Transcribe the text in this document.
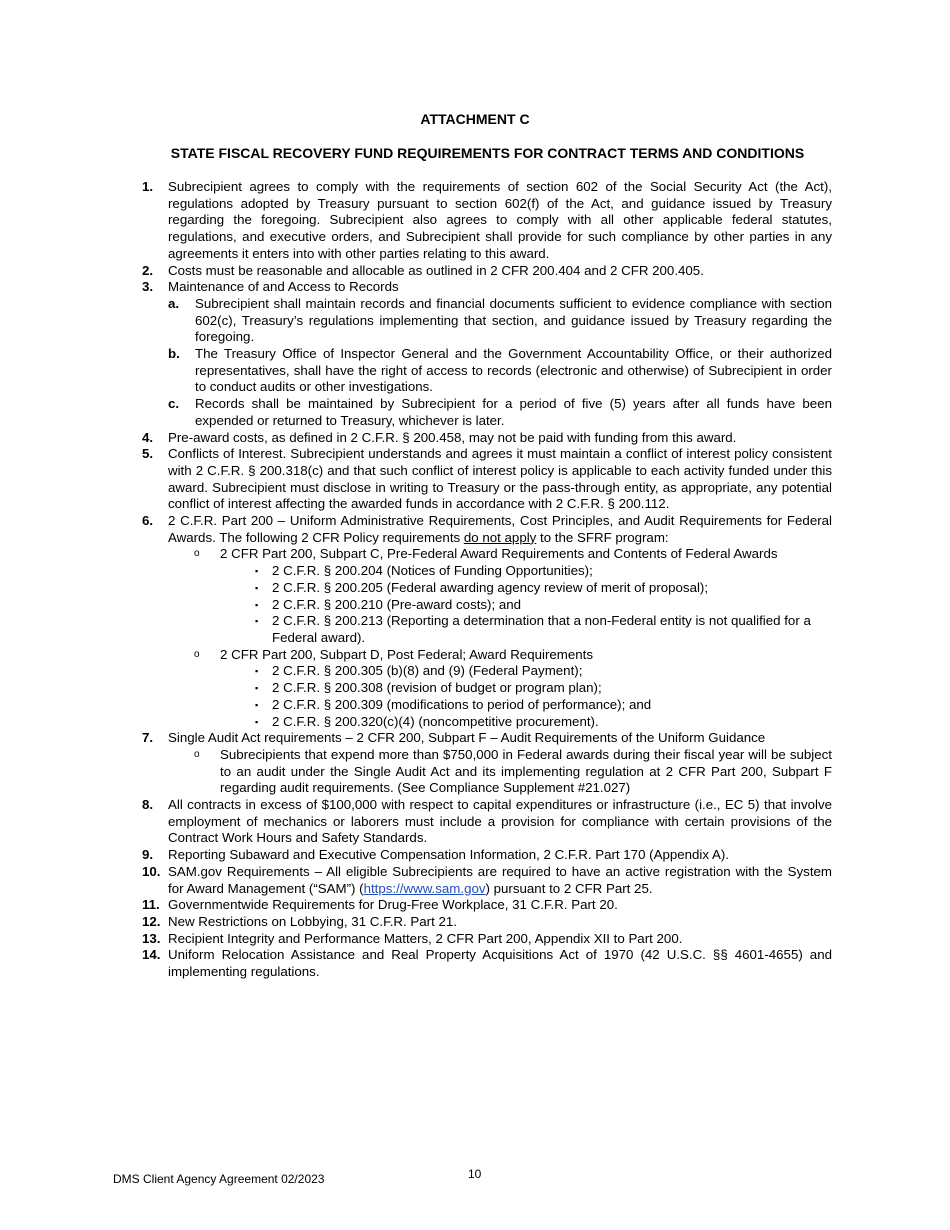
ATTACHMENT C
STATE FISCAL RECOVERY FUND REQUIREMENTS FOR CONTRACT TERMS AND CONDITIONS
1. Subrecipient agrees to comply with the requirements of section 602 of the Social Security Act (the Act), regulations adopted by Treasury pursuant to section 602(f) of the Act, and guidance issued by Treasury regarding the foregoing. Subrecipient also agrees to comply with all other applicable federal statutes, regulations, and executive orders, and Subrecipient shall provide for such compliance by other parties in any agreements it enters into with other parties relating to this award.
2. Costs must be reasonable and allocable as outlined in 2 CFR 200.404 and 2 CFR 200.405.
3. Maintenance of and Access to Records
a. Subrecipient shall maintain records and financial documents sufficient to evidence compliance with section 602(c), Treasury’s regulations implementing that section, and guidance issued by Treasury regarding the foregoing.
b. The Treasury Office of Inspector General and the Government Accountability Office, or their authorized representatives, shall have the right of access to records (electronic and otherwise) of Subrecipient in order to conduct audits or other investigations.
c. Records shall be maintained by Subrecipient for a period of five (5) years after all funds have been expended or returned to Treasury, whichever is later.
4. Pre-award costs, as defined in 2 C.F.R. § 200.458, may not be paid with funding from this award.
5. Conflicts of Interest. Subrecipient understands and agrees it must maintain a conflict of interest policy consistent with 2 C.F.R. § 200.318(c) and that such conflict of interest policy is applicable to each activity funded under this award. Subrecipient must disclose in writing to Treasury or the pass-through entity, as appropriate, any potential conflict of interest affecting the awarded funds in accordance with 2 C.F.R. § 200.112.
6. 2 C.F.R. Part 200 – Uniform Administrative Requirements, Cost Principles, and Audit Requirements for Federal Awards. The following 2 CFR Policy requirements do not apply to the SFRF program:
o 2 CFR Part 200, Subpart C, Pre-Federal Award Requirements and Contents of Federal Awards
▪ 2 C.F.R. § 200.204 (Notices of Funding Opportunities);
▪ 2 C.F.R. § 200.205 (Federal awarding agency review of merit of proposal);
▪ 2 C.F.R. § 200.210 (Pre-award costs); and
▪ 2 C.F.R. § 200.213 (Reporting a determination that a non-Federal entity is not qualified for a Federal award).
o 2 CFR Part 200, Subpart D, Post Federal; Award Requirements
▪ 2 C.F.R. § 200.305 (b)(8) and (9) (Federal Payment);
▪ 2 C.F.R. § 200.308 (revision of budget or program plan);
▪ 2 C.F.R. § 200.309 (modifications to period of performance); and
▪ 2 C.F.R. § 200.320(c)(4) (noncompetitive procurement).
7. Single Audit Act requirements – 2 CFR 200, Subpart F – Audit Requirements of the Uniform Guidance
o Subrecipients that expend more than $750,000 in Federal awards during their fiscal year will be subject to an audit under the Single Audit Act and its implementing regulation at 2 CFR Part 200, Subpart F regarding audit requirements. (See Compliance Supplement #21.027)
8. All contracts in excess of $100,000 with respect to capital expenditures or infrastructure (i.e., EC 5) that involve employment of mechanics or laborers must include a provision for compliance with certain provisions of the Contract Work Hours and Safety Standards.
9. Reporting Subaward and Executive Compensation Information, 2 C.F.R. Part 170 (Appendix A).
10. SAM.gov Requirements – All eligible Subrecipients are required to have an active registration with the System for Award Management (“SAM”) (https://www.sam.gov) pursuant to 2 CFR Part 25.
11. Governmentwide Requirements for Drug-Free Workplace, 31 C.F.R. Part 20.
12. New Restrictions on Lobbying, 31 C.F.R. Part 21.
13. Recipient Integrity and Performance Matters, 2 CFR Part 200, Appendix XII to Part 200.
14. Uniform Relocation Assistance and Real Property Acquisitions Act of 1970 (42 U.S.C. §§ 4601-4655) and implementing regulations.

DMS Client Agency Agreement 02/2023	10
